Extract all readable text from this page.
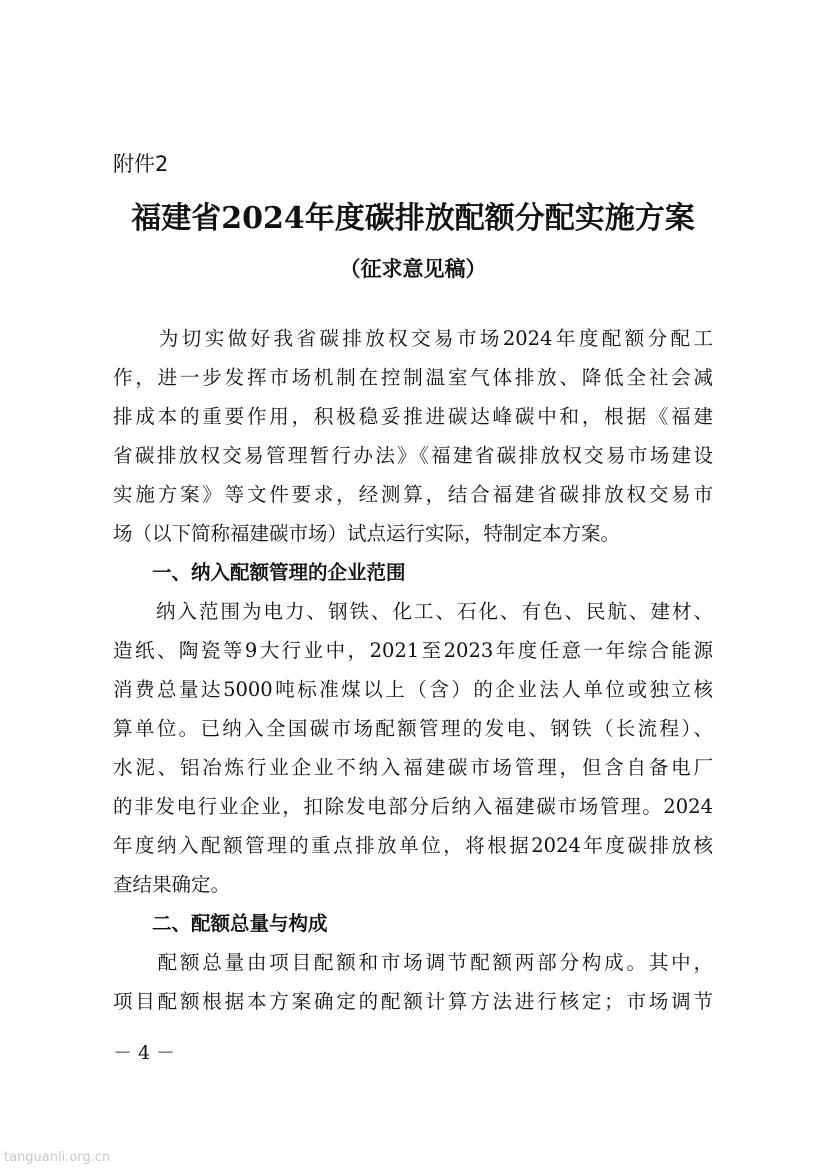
附件2
福建省2024年度碳排放配额分配实施方案
（征求意见稿）
　　为切实做好我省碳排放权交易市场2024年度配额分配工
作，进一步发挥市场机制在控制温室气体排放、降低全社会减
排成本的重要作用，积极稳妥推进碳达峰碳中和，根据《福建
省碳排放权交易管理暂行办法》《福建省碳排放权交易市场建设
实施方案》等文件要求，经测算，结合福建省碳排放权交易市
场（以下简称福建碳市场）试点运行实际，特制定本方案。
　　一、纳入配额管理的企业范围
　　纳入范围为电力、钢铁、化工、石化、有色、民航、建材、
造纸、陶瓷等9大行业中，2021至2023年度任意一年综合能源
消费总量达5000吨标准煤以上（含）的企业法人单位或独立核
算单位。已纳入全国碳市场配额管理的发电、钢铁（长流程）、
水泥、铝冶炼行业企业不纳入福建碳市场管理，但含自备电厂
的非发电行业企业，扣除发电部分后纳入福建碳市场管理。2024
年度纳入配额管理的重点排放单位，将根据2024年度碳排放核
查结果确定。
　　二、配额总量与构成
　　配额总量由项目配额和市场调节配额两部分构成。其中，
项目配额根据本方案确定的配额计算方法进行核定；市场调节
－ 4 －
tanguanli.org.cn
